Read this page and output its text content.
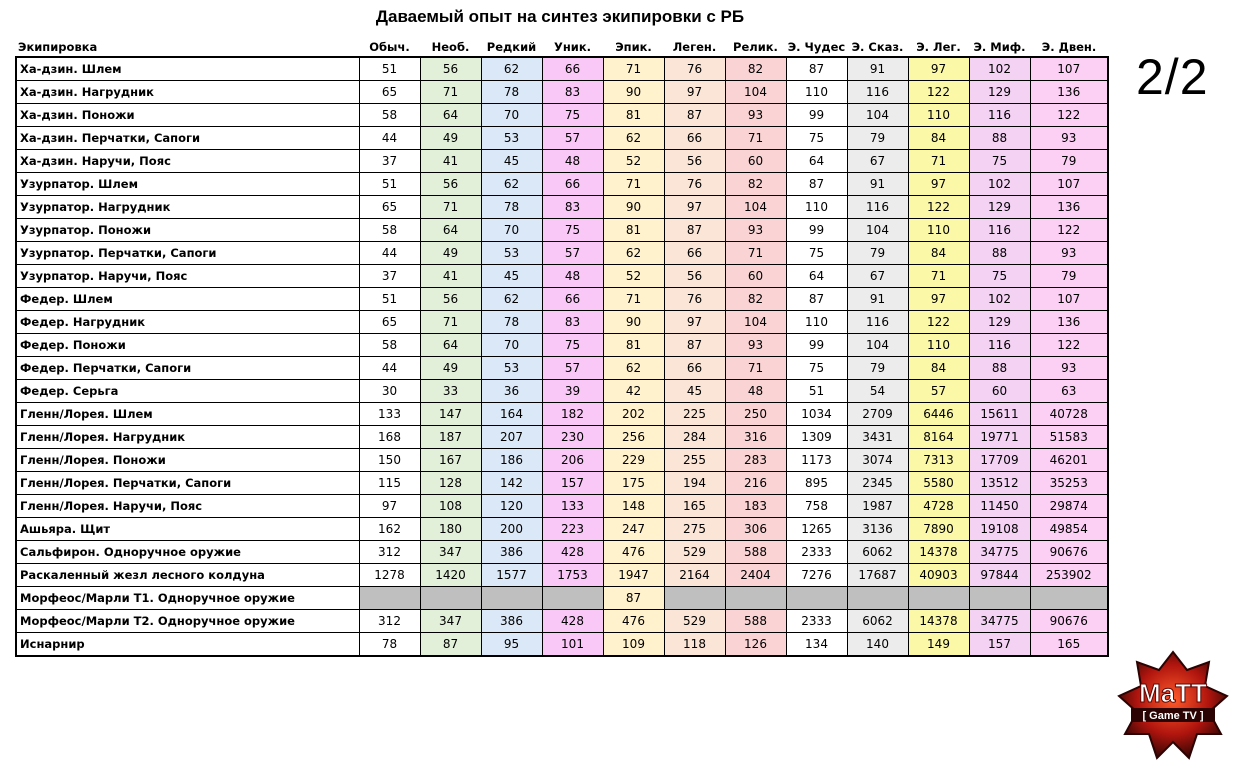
Даваемый опыт на синтез экипировки с РБ
2/2
Экипировка	Обыч.	Необ.	Редкий	Уник.	Эпик.	Леген.	Релик.	Э. Чудес	Э. Сказ.	Э. Лег.	Э. Миф.	Э. Двен.
Ха-дзин. Шлем	51	56	62	66	71	76	82	87	91	97	102	107
Ха-дзин. Нагрудник	65	71	78	83	90	97	104	110	116	122	129	136
Ха-дзин. Поножи	58	64	70	75	81	87	93	99	104	110	116	122
Ха-дзин. Перчатки, Сапоги	44	49	53	57	62	66	71	75	79	84	88	93
Ха-дзин. Наручи, Пояс	37	41	45	48	52	56	60	64	67	71	75	79
Узурпатор. Шлем	51	56	62	66	71	76	82	87	91	97	102	107
Узурпатор. Нагрудник	65	71	78	83	90	97	104	110	116	122	129	136
Узурпатор. Поножи	58	64	70	75	81	87	93	99	104	110	116	122
Узурпатор. Перчатки, Сапоги	44	49	53	57	62	66	71	75	79	84	88	93
Узурпатор. Наручи, Пояс	37	41	45	48	52	56	60	64	67	71	75	79
Федер. Шлем	51	56	62	66	71	76	82	87	91	97	102	107
Федер. Нагрудник	65	71	78	83	90	97	104	110	116	122	129	136
Федер. Поножи	58	64	70	75	81	87	93	99	104	110	116	122
Федер. Перчатки, Сапоги	44	49	53	57	62	66	71	75	79	84	88	93
Федер. Серьга	30	33	36	39	42	45	48	51	54	57	60	63
Гленн/Лорея. Шлем	133	147	164	182	202	225	250	1034	2709	6446	15611	40728
Гленн/Лорея. Нагрудник	168	187	207	230	256	284	316	1309	3431	8164	19771	51583
Гленн/Лорея. Поножи	150	167	186	206	229	255	283	1173	3074	7313	17709	46201
Гленн/Лорея. Перчатки, Сапоги	115	128	142	157	175	194	216	895	2345	5580	13512	35253
Гленн/Лорея. Наручи, Пояс	97	108	120	133	148	165	183	758	1987	4728	11450	29874
Ашьяра. Щит	162	180	200	223	247	275	306	1265	3136	7890	19108	49854
Сальфирон. Одноручное оружие	312	347	386	428	476	529	588	2333	6062	14378	34775	90676
Раскаленный жезл лесного колдуна	1278	1420	1577	1753	1947	2164	2404	7276	17687	40903	97844	253902
Морфеос/Марли Т1. Одноручное оружие					87							
Морфеос/Марли Т2. Одноручное оружие	312	347	386	428	476	529	588	2333	6062	14378	34775	90676
Иснарнир	78	87	95	101	109	118	126	134	140	149	157	165
MaTT
[ Game TV ]
